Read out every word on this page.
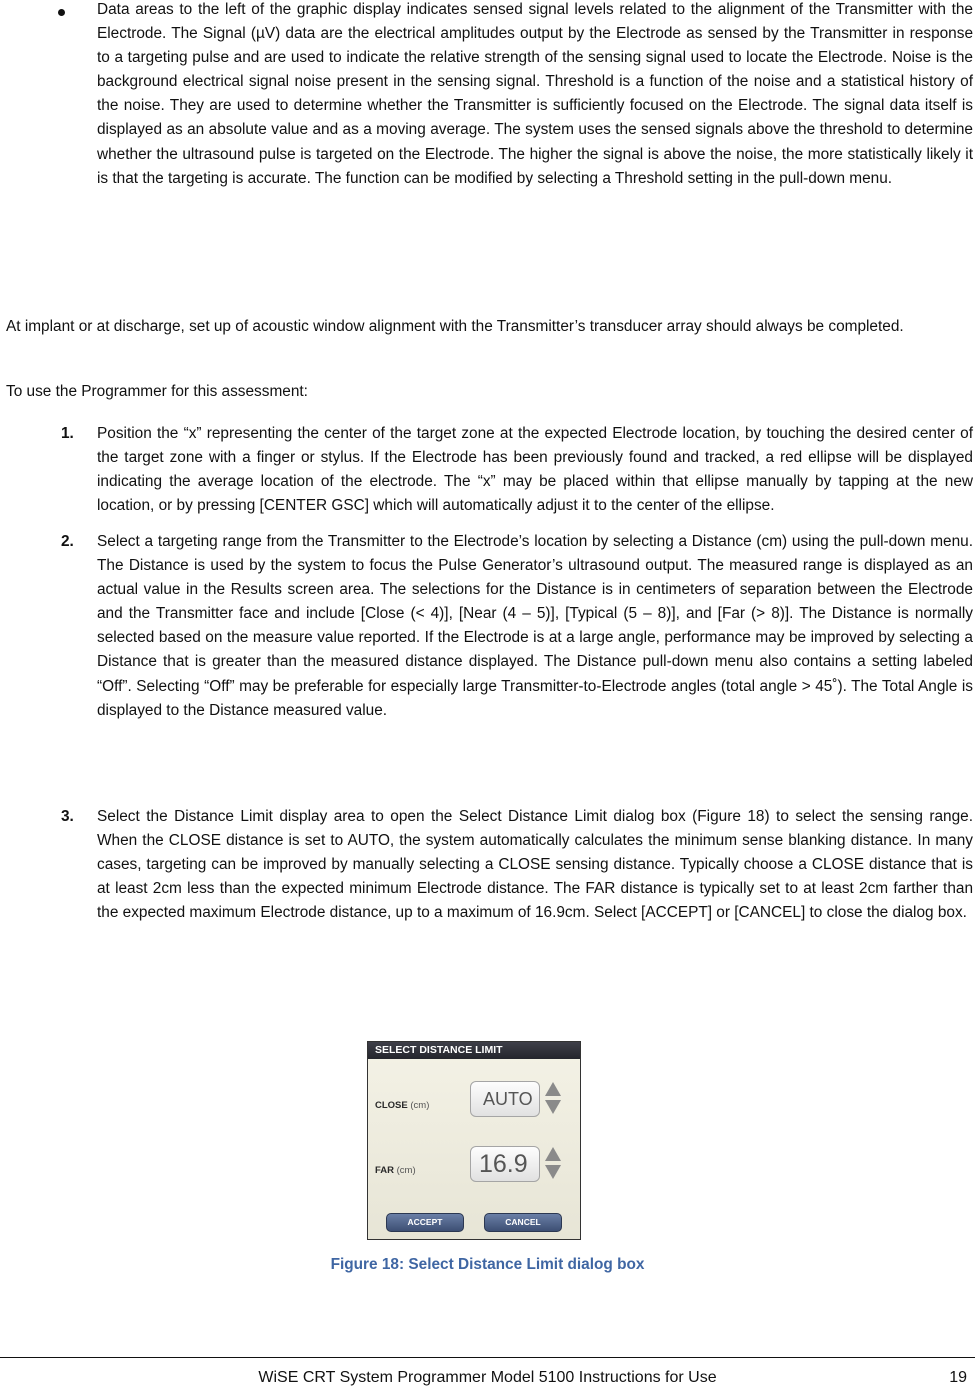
Data areas to the left of the graphic display indicates sensed signal levels related to the alignment of the Transmitter with the Electrode. The Signal (µV) data are the electrical amplitudes output by the Electrode as sensed by the Transmitter in response to a targeting pulse and are used to indicate the relative strength of the sensing signal used to locate the Electrode. Noise is the background electrical signal noise present in the sensing signal. Threshold is a function of the noise and a statistical history of the noise. They are used to determine whether the Transmitter is sufficiently focused on the Electrode. The signal data itself is displayed as an absolute value and as a moving average. The system uses the sensed signals above the threshold to determine whether the ultrasound pulse is targeted on the Electrode. The higher the signal is above the noise, the more statistically likely it is that the targeting is accurate. The function can be modified by selecting a Threshold setting in the pull-down menu.

At implant or at discharge, set up of acoustic window alignment with the Transmitter’s transducer array should always be completed.

To use the Programmer for this assessment:

1. Position the “x” representing the center of the target zone at the expected Electrode location, by touching the desired center of the target zone with a finger or stylus. If the Electrode has been previously found and tracked, a red ellipse will be displayed indicating the average location of the electrode. The “x” may be placed within that ellipse manually by tapping at the new location, or by pressing [CENTER GSC] which will automatically adjust it to the center of the ellipse.

2. Select a targeting range from the Transmitter to the Electrode’s location by selecting a Distance (cm) using the pull-down menu. The Distance is used by the system to focus the Pulse Generator’s ultrasound output. The measured range is displayed as an actual value in the Results screen area. The selections for the Distance is in centimeters of separation between the Electrode and the Transmitter face and include [Close (< 4)], [Near (4 – 5)], [Typical (5 – 8)], and [Far (> 8)]. The Distance is normally selected based on the measure value reported. If the Electrode is at a large angle, performance may be improved by selecting a Distance that is greater than the measured distance displayed. The Distance pull-down menu also contains a setting labeled “Off”. Selecting “Off” may be preferable for especially large Transmitter-to-Electrode angles (total angle > 45˚). The Total Angle is displayed to the Distance measured value.

3. Select the Distance Limit display area to open the Select Distance Limit dialog box (Figure 18) to select the sensing range. When the CLOSE distance is set to AUTO, the system automatically calculates the minimum sense blanking distance. In many cases, targeting can be improved by manually selecting a CLOSE sensing distance. Typically choose a CLOSE distance that is at least 2cm less than the expected minimum Electrode distance. The FAR distance is typically set to at least 2cm farther than the expected maximum Electrode distance, up to a maximum of 16.9cm. Select [ACCEPT] or [CANCEL] to close the dialog box.

SELECT DISTANCE LIMIT
CLOSE (cm)	AUTO
FAR (cm)	16.9
ACCEPT	CANCEL
Figure 18: Select Distance Limit dialog box
WiSE CRT System Programmer Model 5100 Instructions for Use	19
